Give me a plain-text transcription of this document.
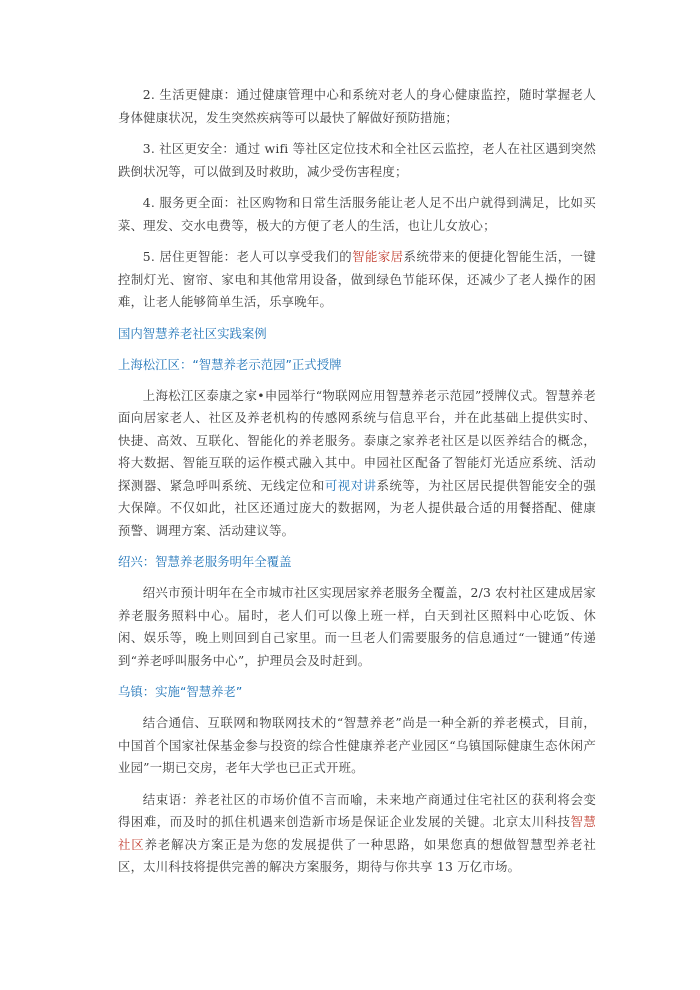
2. 生活更健康：通过健康管理中心和系统对老人的身心健康监控，随时掌握老人身体健康状况，发生突然疾病等可以最快了解做好预防措施；

3. 社区更安全：通过 wifi 等社区定位技术和全社区云监控，老人在社区遇到突然跌倒状况等，可以做到及时救助，减少受伤害程度；

4. 服务更全面：社区购物和日常生活服务能让老人足不出户就得到满足，比如买菜、理发、交水电费等，极大的方便了老人的生活，也让儿女放心；

5. 居住更智能：老人可以享受我们的智能家居系统带来的便捷化智能生活，一键控制灯光、窗帘、家电和其他常用设备，做到绿色节能环保，还减少了老人操作的困难，让老人能够简单生活，乐享晚年。

国内智慧养老社区实践案例
上海松江区：“智慧养老示范园”正式授牌

上海松江区泰康之家•申园举行“物联网应用智慧养老示范园”授牌仪式。智慧养老面向居家老人、社区及养老机构的传感网系统与信息平台，并在此基础上提供实时、快捷、高效、互联化、智能化的养老服务。泰康之家养老社区是以医养结合的概念，将大数据、智能互联的运作模式融入其中。申园社区配备了智能灯光适应系统、活动探测器、紧急呼叫系统、无线定位和可视对讲系统等，为社区居民提供智能安全的强大保障。不仅如此，社区还通过庞大的数据网，为老人提供最合适的用餐搭配、健康预警、调理方案、活动建议等。

绍兴：智慧养老服务明年全覆盖

绍兴市预计明年在全市城市社区实现居家养老服务全覆盖，2/3 农村社区建成居家养老服务照料中心。届时，老人们可以像上班一样，白天到社区照料中心吃饭、休闲、娱乐等，晚上则回到自己家里。而一旦老人们需要服务的信息通过“一键通”传递到“养老呼叫服务中心”，护理员会及时赶到。

乌镇：实施“智慧养老”

结合通信、互联网和物联网技术的“智慧养老”尚是一种全新的养老模式，目前，中国首个国家社保基金参与投资的综合性健康养老产业园区“乌镇国际健康生态休闲产业园”一期已交房，老年大学也已正式开班。

结束语：养老社区的市场价值不言而喻，未来地产商通过住宅社区的获利将会变得困难，而及时的抓住机遇来创造新市场是保证企业发展的关键。北京太川科技智慧社区养老解决方案正是为您的发展提供了一种思路，如果您真的想做智慧型养老社区，太川科技将提供完善的解决方案服务，期待与你共享 13 万亿市场。
